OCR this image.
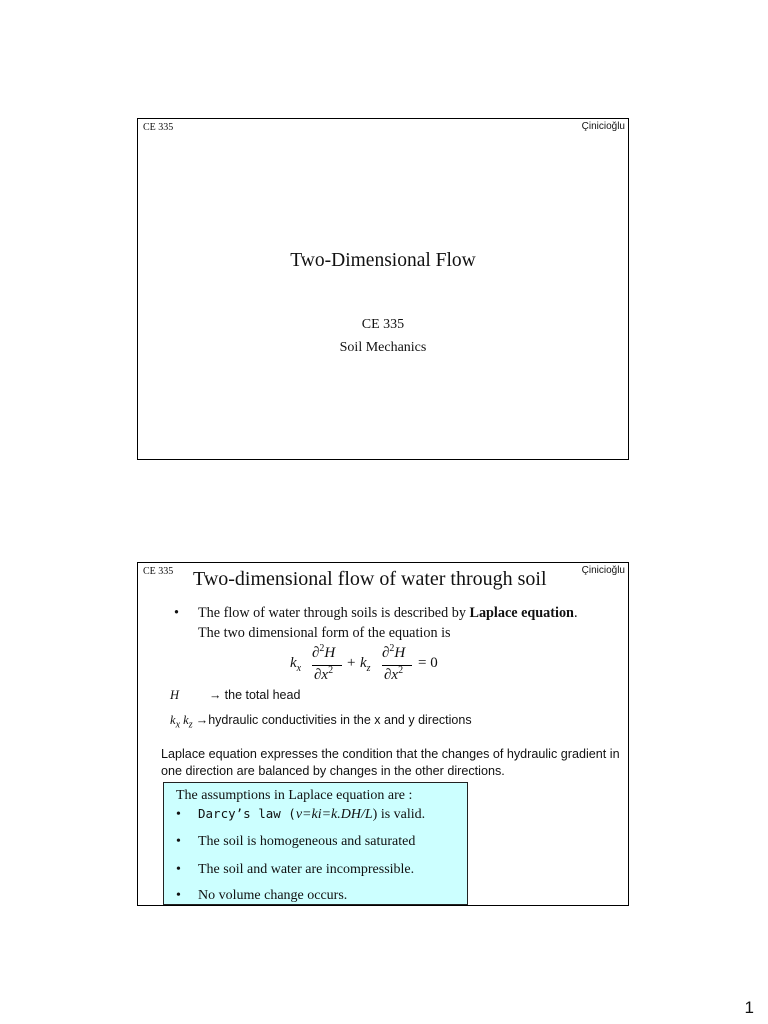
CE 335	Çinicioğlu
Two-Dimensional Flow
CE 335
Soil Mechanics
CE 335	Çinicioğlu
Two-dimensional flow of water through soil
• The flow of water through soils is described by Laplace equation. The two dimensional form of the equation is
$k_x$
∂$^2$H
$\partial x^2 + k_z$
∂$^2$H
$\partial x^2 = 0$
H → the total head
$k_x$ $k_z$ →hydraulic conductivities in the x and y directions
Laplace equation expresses the condition that the changes of hydraulic gradient in one direction are balanced by changes in the other directions.
The assumptions in Laplace equation are :
• Darcy’s law (v=ki=k.DH/L) is valid.
• The soil is homogeneous and saturated
• The soil and water are incompressible.
• No volume change occurs.
1
